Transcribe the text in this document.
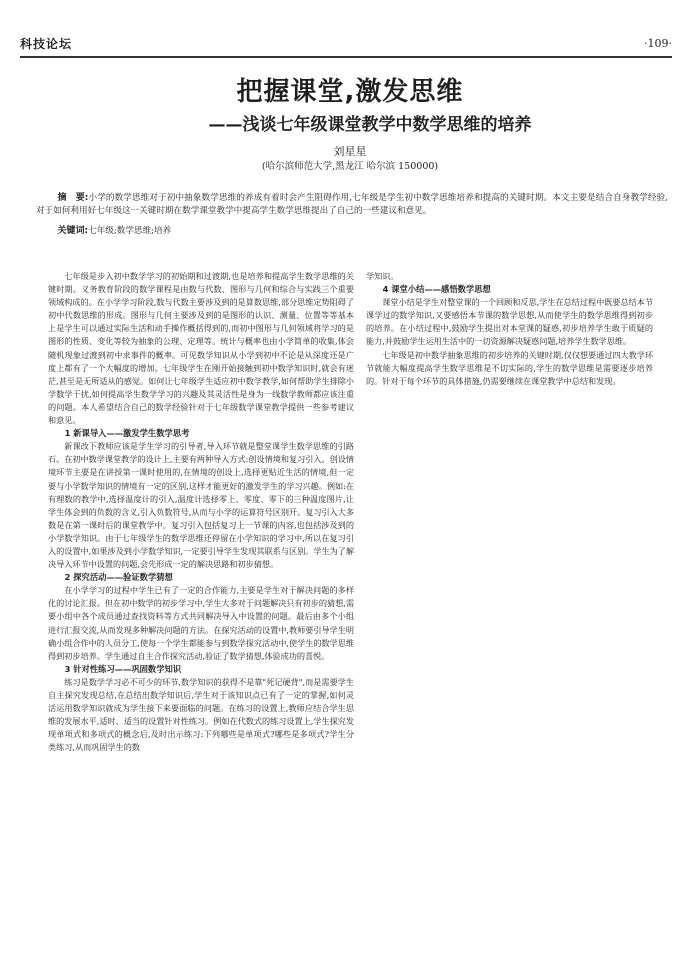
科技论坛	·109·
把握课堂,激发思维
——浅谈七年级课堂教学中数学思维的培养
刘星星
(哈尔滨师范大学,黑龙江 哈尔滨 150000)

摘　要:小学的数学思维对于初中抽象数学思维的养成有着时会产生阻碍作用,七年级是学生初中数学思维培养和提高的关键时期。本文主要是结合自身教学经验,对于如何利用好七年级这一关键时期在数学课堂教学中提高学生数学思维提出了自己的一些建议和意见。

关键词:七年级;数学思维;培养

七年级是步入初中数学学习的初始期和过渡期,也是培养和提高学生数学思维的关键时期。义务教育阶段的数学课程是由数与代数、图形与几何和综合与实践三个重要领域构成的。在小学学习阶段,数与代数主要涉及到的是算数思维,部分思维定势阻碍了初中代数思维的形成。图形与几何主要涉及到的是图形的认识、测量、位置等等基本上是学生可以通过实际生活和动手操作概括得到的,而初中图形与几何领域将学习的是图形的性质、变化等较为抽象的公理、定理等。统计与概率也由小学简单的收集,体会随机现象过渡到初中求事件的概率。可见数学知识从小学到初中不论是从深度还是广度上都有了一个大幅度的增加。七年级学生在刚开始接触到初中数学知识时,就会有迷茫,甚至是无所适从的感觉。如何让七年级学生适应初中数学教学,如何帮助学生排除小学数学干扰,如何提高学生数学学习的兴趣及其灵活性是身为一线数学教师都应该注重的问题。本人希望结合自己的数学经验针对于七年级数学课堂教学提供一些参考建议和意见。

1 新课导入——激发学生数学思考

新课改下教师应该是学生学习的引导者,导入环节就是整堂课学生数学思维的引路石。在初中数学课堂教学的设计上,主要有两种导入方式:创设情境和复习引入。创设情境环节主要是在讲授第一课时使用的,在情境的创设上,选择更贴近生活的情境,但一定要与小学数学知识的情境有一定的区别,这样才能更好的激发学生的学习兴趣。例如:在有理数的教学中,选择温度计的引入,温度计选择零上、零度、零下的三种温度图片,让学生体会到的负数的含义,引入负数符号,从而与小学的运算符号区别开。复习引入大多数是在第一课时后的课堂教学中。复习引入包括复习上一节课的内容,也包括涉及到的小学数学知识。由于七年级学生的数学思维还停留在小学知识的学习中,所以在复习引入的设置中,如果涉及到小学数学知识,一定要引导学生发现其联系与区别。学生为了解决导入环节中设置的问题,会先形成一定的解决思路和初步猜想。

2 探究活动——验证数学猜想

在小学学习的过程中学生已有了一定的合作能力,主要是学生对于解决问题的多样化的讨论汇报。但在初中数学的初步学习中,学生大多对于问题解决只有初步的猜想,需要小组中各个成员通过查找资料等方式共同解决导入中设置的问题。最后由多个小组进行汇报交流,从而发现多种解决问题的方法。在探究活动的设置中,教师要引导学生明确小组合作中的人员分工,使每一个学生都能参与到数学探究活动中,使学生的数学思维得到初步培养。学生通过自主合作探究活动,验证了数学猜想,体验成功的喜悦。

3 针对性练习——巩固数学知识

练习是数学学习必不可少的环节,数学知识的获得不是靠"死记硬背",而是需要学生自主探究发现总结,在总结出数学知识后,学生对于该知识点已有了一定的掌握,如何灵活运用数学知识就成为学生接下来要面临的问题。在练习的设置上,教师应结合学生思维的发展水平,适时、适当的设置针对性练习。例如在代数式的练习设置上,学生探究发现单项式和多项式的概念后,及时出示练习:下列哪些是单项式?哪些是多项式?学生分类练习,从而巩固学生的数

学知识。

4 课堂小结——感悟数学思想

课堂小结是学生对整堂课的一个回顾和反思,学生在总结过程中既要总结本节课学过的数学知识,又要感悟本节课的数学思想,从而使学生的数学思维得到初步的培养。在小结过程中,鼓励学生提出对本堂课的疑惑,初步培养学生敢于质疑的能力,并鼓励学生运用生活中的一切资源解决疑惑问题,培养学生数学思维。

七年级是初中数学抽象思维的初步培养的关键时期,仅仅想要通过四大教学环节就能大幅度提高学生数学思维是不切实际的,学生的数学思维是需要逐步培养的。针对于每个环节的具体措施,仍需要继续在课堂教学中总结和发现。
